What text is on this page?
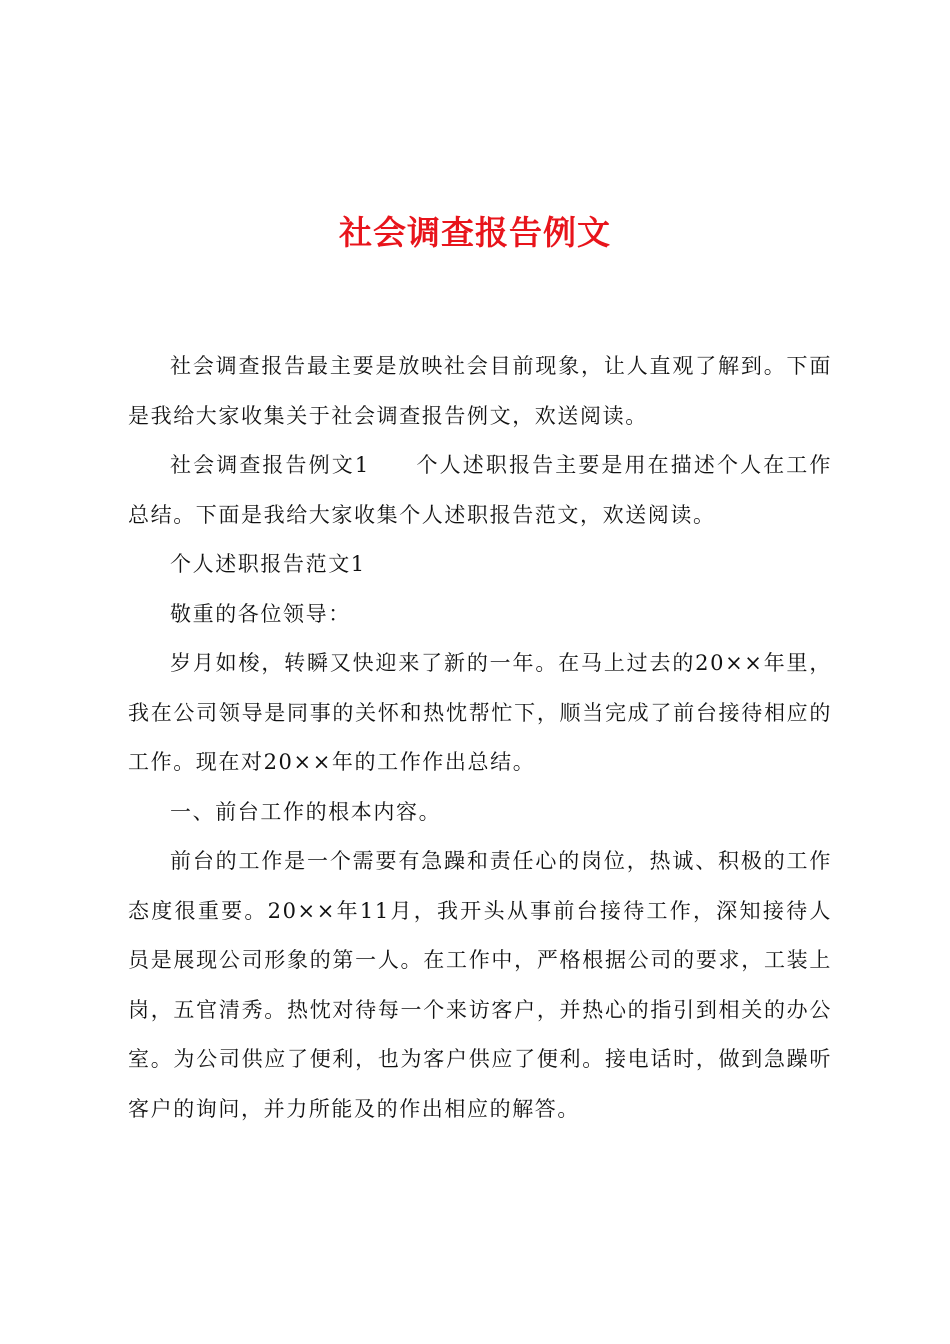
社会调查报告例文

社会调查报告最主要是放映社会目前现象，让人直观了解到。下面是我给大家收集关于社会调查报告例文，欢送阅读。

社会调查报告例文1 个人述职报告主要是用在描述个人在工作总结。下面是我给大家收集个人述职报告范文，欢送阅读。

个人述职报告范文1

敬重的各位领导：

岁月如梭，转瞬又快迎来了新的一年。在马上过去的20××年里，我在公司领导是同事的关怀和热忱帮忙下，顺当完成了前台接待相应的工作。现在对20××年的工作作出总结。

一、前台工作的根本内容。

前台的工作是一个需要有急躁和责任心的岗位，热诚、积极的工作态度很重要。20××年11月，我开头从事前台接待工作，深知接待人员是展现公司形象的第一人。在工作中，严格根据公司的要求，工装上岗，五官清秀。热忱对待每一个来访客户，并热心的指引到相关的办公室。为公司供应了便利，也为客户供应了便利。接电话时，做到急躁听客户的询问，并力所能及的作出相应的解答。
